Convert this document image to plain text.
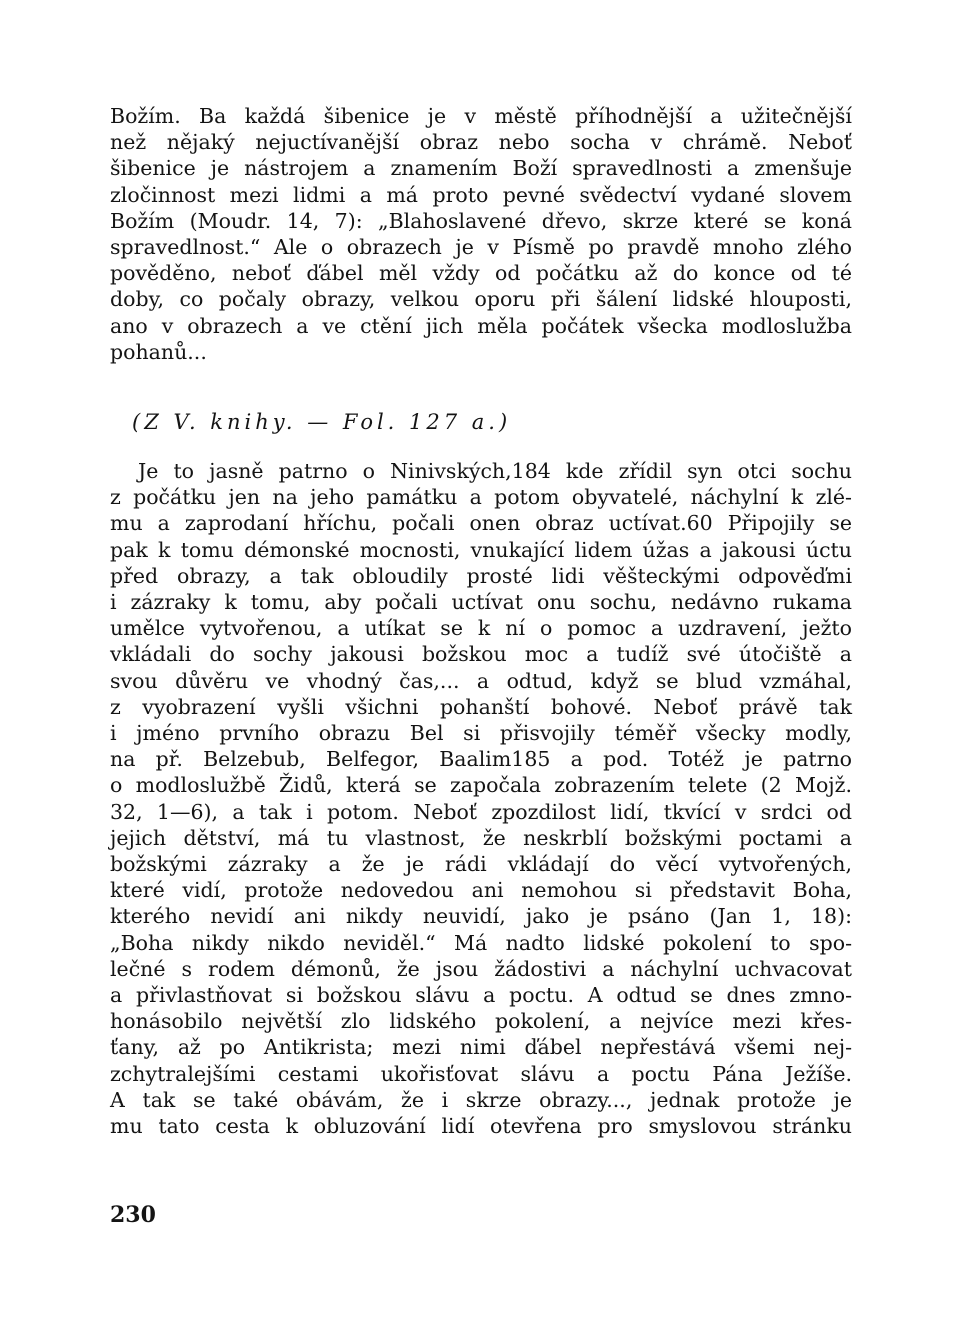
Božím. Ba každá šibenice je v městě příhodnější a užitečnější
než nějaký nejuctívanější obraz nebo socha v chrámě. Neboť
šibenice je nástrojem a znamením Boží spravedlnosti a zmenšuje
zločinnost mezi lidmi a má proto pevné svědectví vydané slovem
Božím (Moudr. 14, 7): „Blahoslavené dřevo, skrze které se koná
spravedlnost.“ Ale o obrazech je v Písmě po pravdě mnoho zlého
pověděno, neboť ďábel měl vždy od počátku až do konce od té
doby, co počaly obrazy, velkou oporu při šálení lidské hlouposti,
ano v obrazech a ve ctění jich měla počátek všecka modloslužba
pohanů...
(Z V. knihy. — Fol. 127 a.)
Je to jasně patrno o Ninivských,184 kde zřídil syn otci sochu
z počátku jen na jeho památku a potom obyvatelé, náchylní k zlé-
mu a zaprodaní hříchu, počali onen obraz uctívat.60 Připojily se
pak k tomu démonské mocnosti, vnukající lidem úžas a jakousi úctu
před obrazy, a tak obloudily prosté lidi věšteckými odpověďmi
i zázraky k tomu, aby počali uctívat onu sochu, nedávno rukama
umělce vytvořenou, a utíkat se k ní o pomoc a uzdravení, ježto
vkládali do sochy jakousi božskou moc a tudíž své útočiště a
svou důvěru ve vhodný čas,... a odtud, když se blud vzmáhal,
z vyobrazení vyšli všichni pohanští bohové. Neboť právě tak
i jméno prvního obrazu Bel si přisvojily téměř všecky modly,
na př. Belzebub, Belfegor, Baalim185 a pod. Totéž je patrno
o modloslužbě Židů, která se započala zobrazením telete (2 Mojž.
32, 1—6), a tak i potom. Neboť zpozdilost lidí, tkvící v srdci od
jejich dětství, má tu vlastnost, že neskrblí božskými poctami a
božskými zázraky a že je rádi vkládají do věcí vytvořených,
které vidí, protože nedovedou ani nemohou si představit Boha,
kterého nevidí ani nikdy neuvidí, jako je psáno (Jan 1, 18):
„Boha nikdy nikdo neviděl.“ Má nadto lidské pokolení to spo-
lečné s rodem démonů, že jsou žádostivi a náchylní uchvacovat
a přivlastňovat si božskou slávu a poctu. A odtud se dnes zmno-
honásobilo největší zlo lidského pokolení, a nejvíce mezi křes-
ťany, až po Antikrista; mezi nimi ďábel nepřestává všemi nej-
zchytralejšími cestami ukořisťovat slávu a poctu Pána Ježíše.
A tak se také obávám, že i skrze obrazy..., jednak protože je
mu tato cesta k obluzování lidí otevřena pro smyslovou stránku
230
